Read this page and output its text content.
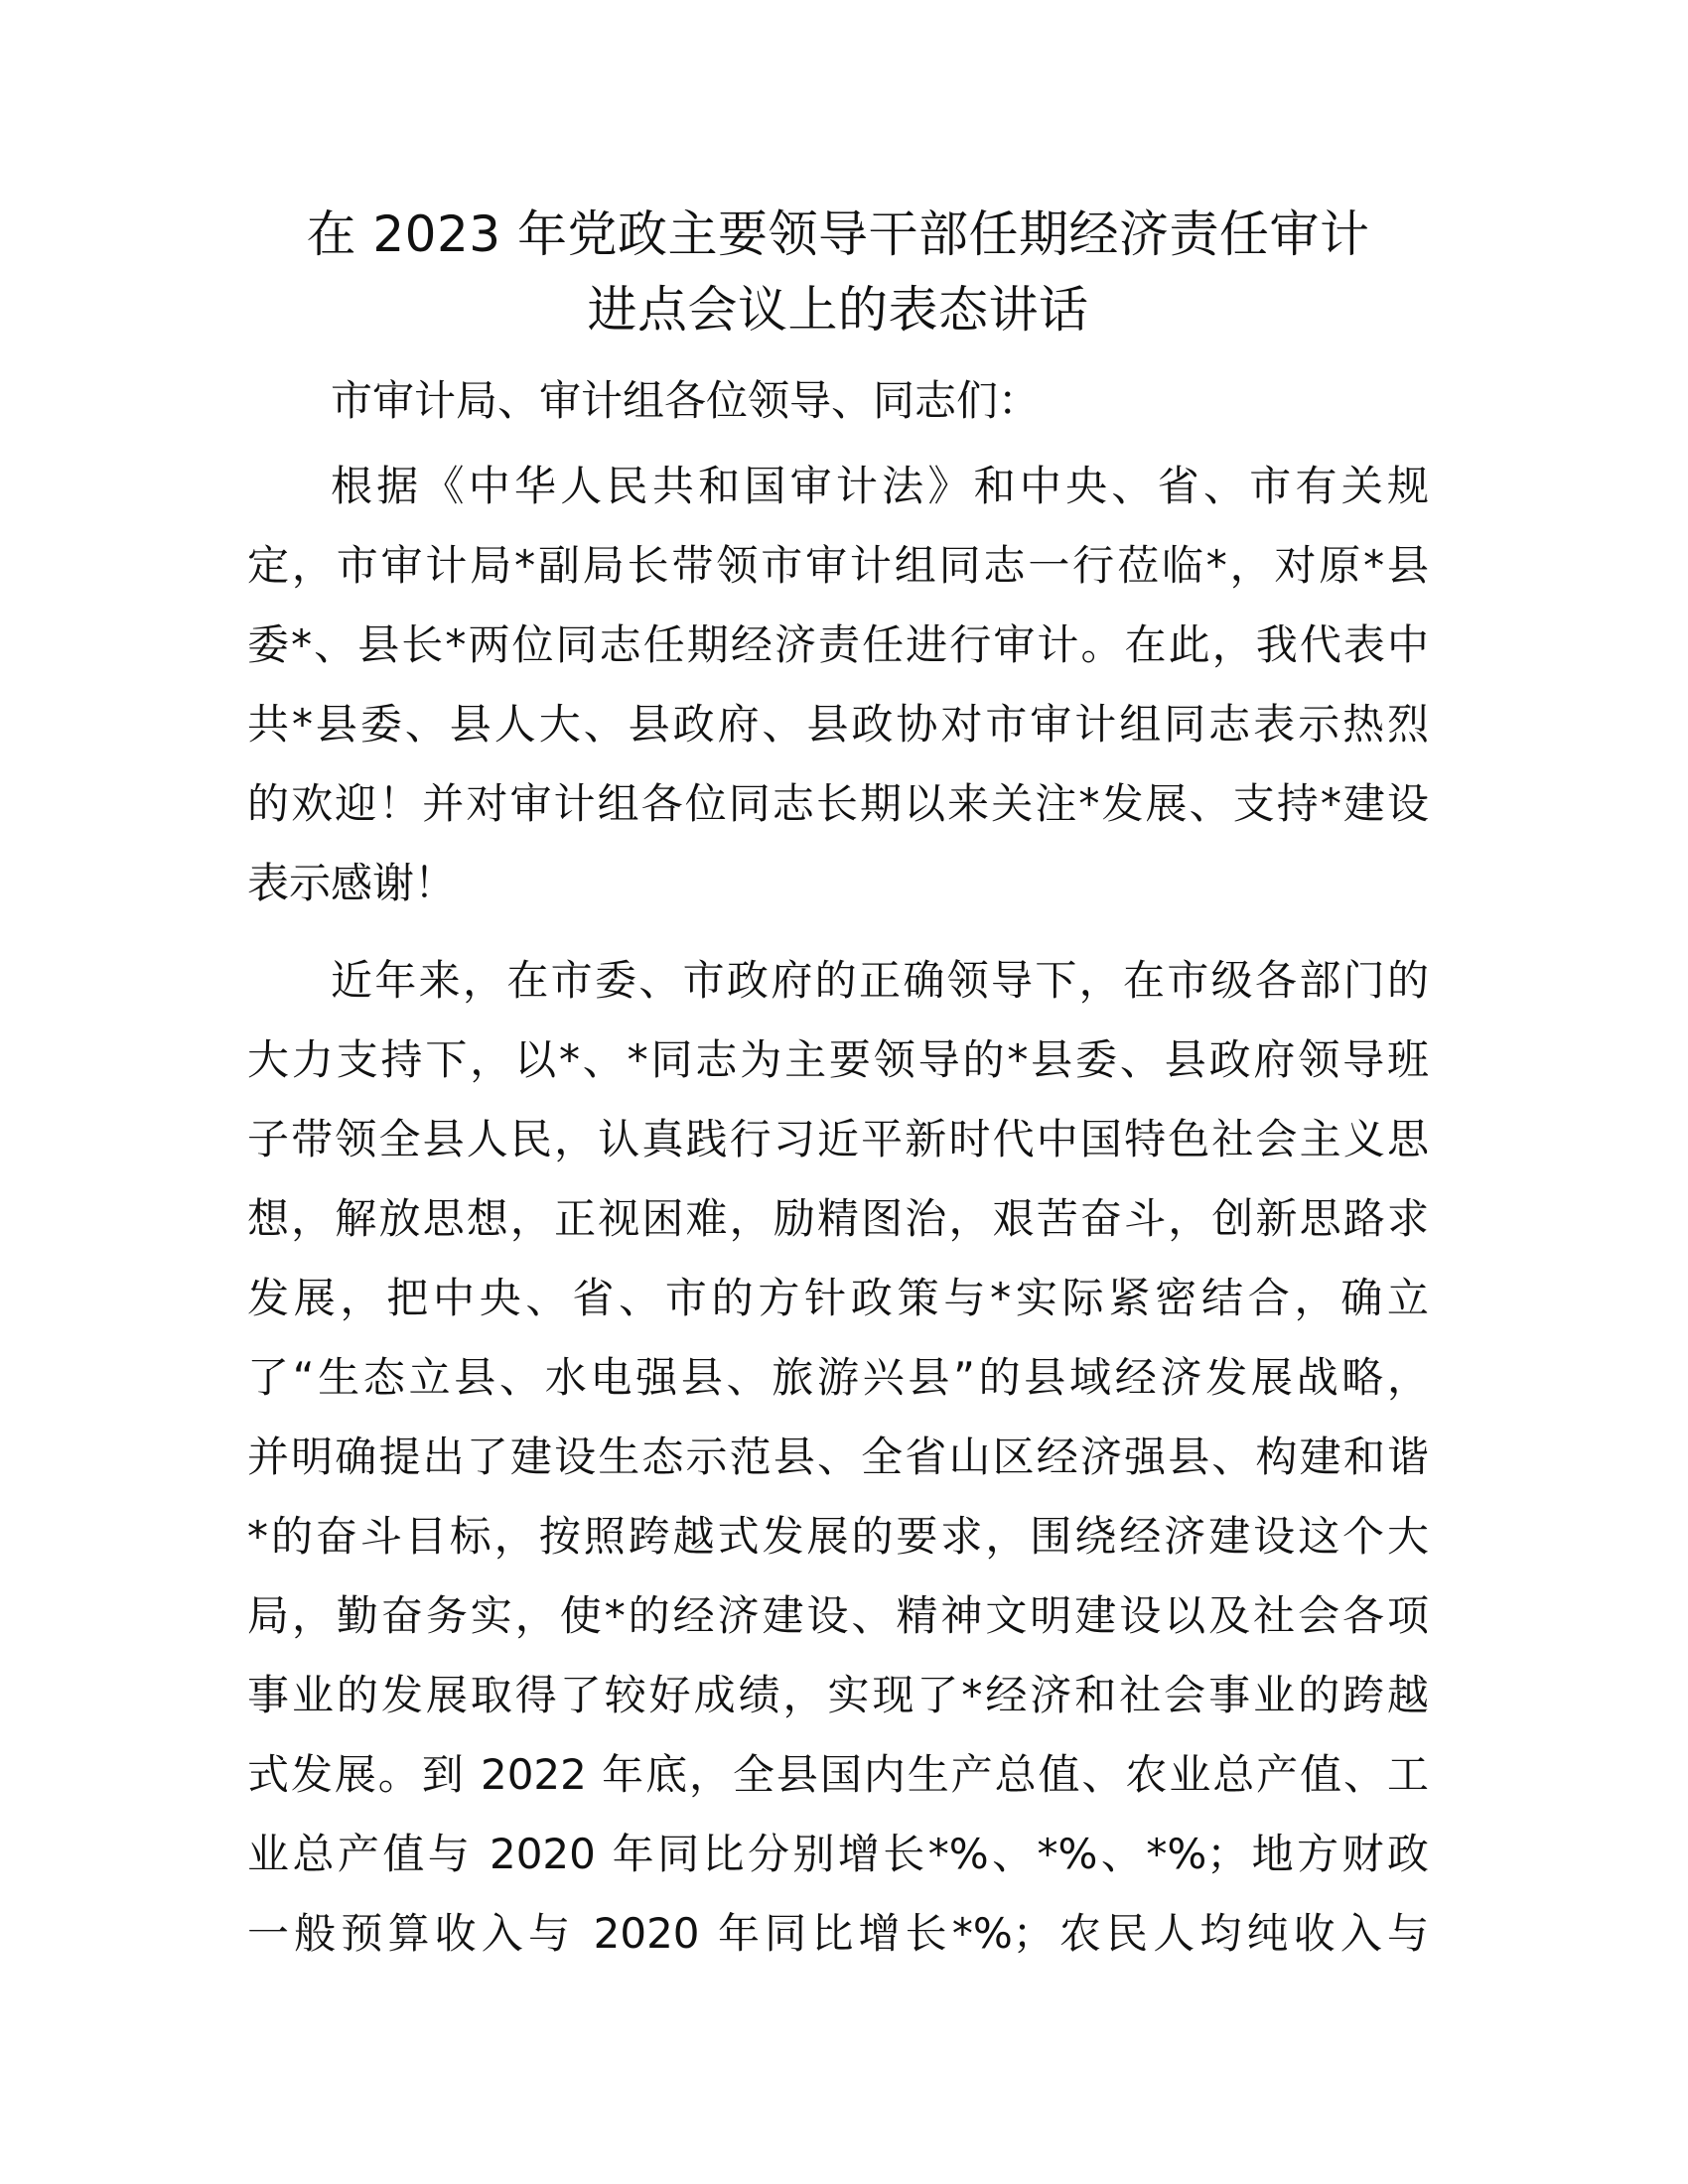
在 2023 年党政主要领导干部任期经济责任审计
进点会议上的表态讲话

市审计局、审计组各位领导、同志们：

根据《中华人民共和国审计法》和中央、省、市有关规
定，市审计局*副局长带领市审计组同志一行莅临*，对原*县
委*、县长*两位同志任期经济责任进行审计。在此，我代表中
共*县委、县人大、县政府、县政协对市审计组同志表示热烈
的欢迎！并对审计组各位同志长期以来关注*发展、支持*建设
表示感谢！

近年来，在市委、市政府的正确领导下，在市级各部门的
大力支持下，以*、*同志为主要领导的*县委、县政府领导班
子带领全县人民，认真践行习近平新时代中国特色社会主义思
想，解放思想，正视困难，励精图治，艰苦奋斗，创新思路求
发展，把中央、省、市的方针政策与*实际紧密结合，确立
了“生态立县、水电强县、旅游兴县”的县域经济发展战略，
并明确提出了建设生态示范县、全省山区经济强县、构建和谐
*的奋斗目标，按照跨越式发展的要求，围绕经济建设这个大
局，勤奋务实，使*的经济建设、精神文明建设以及社会各项
事业的发展取得了较好成绩，实现了*经济和社会事业的跨越
式发展。到 2022 年底，全县国内生产总值、农业总产值、工
业总产值与 2020 年同比分别增长*%、*%、*%；地方财政
一般预算收入与 2020 年同比增长*%；农民人均纯收入与
